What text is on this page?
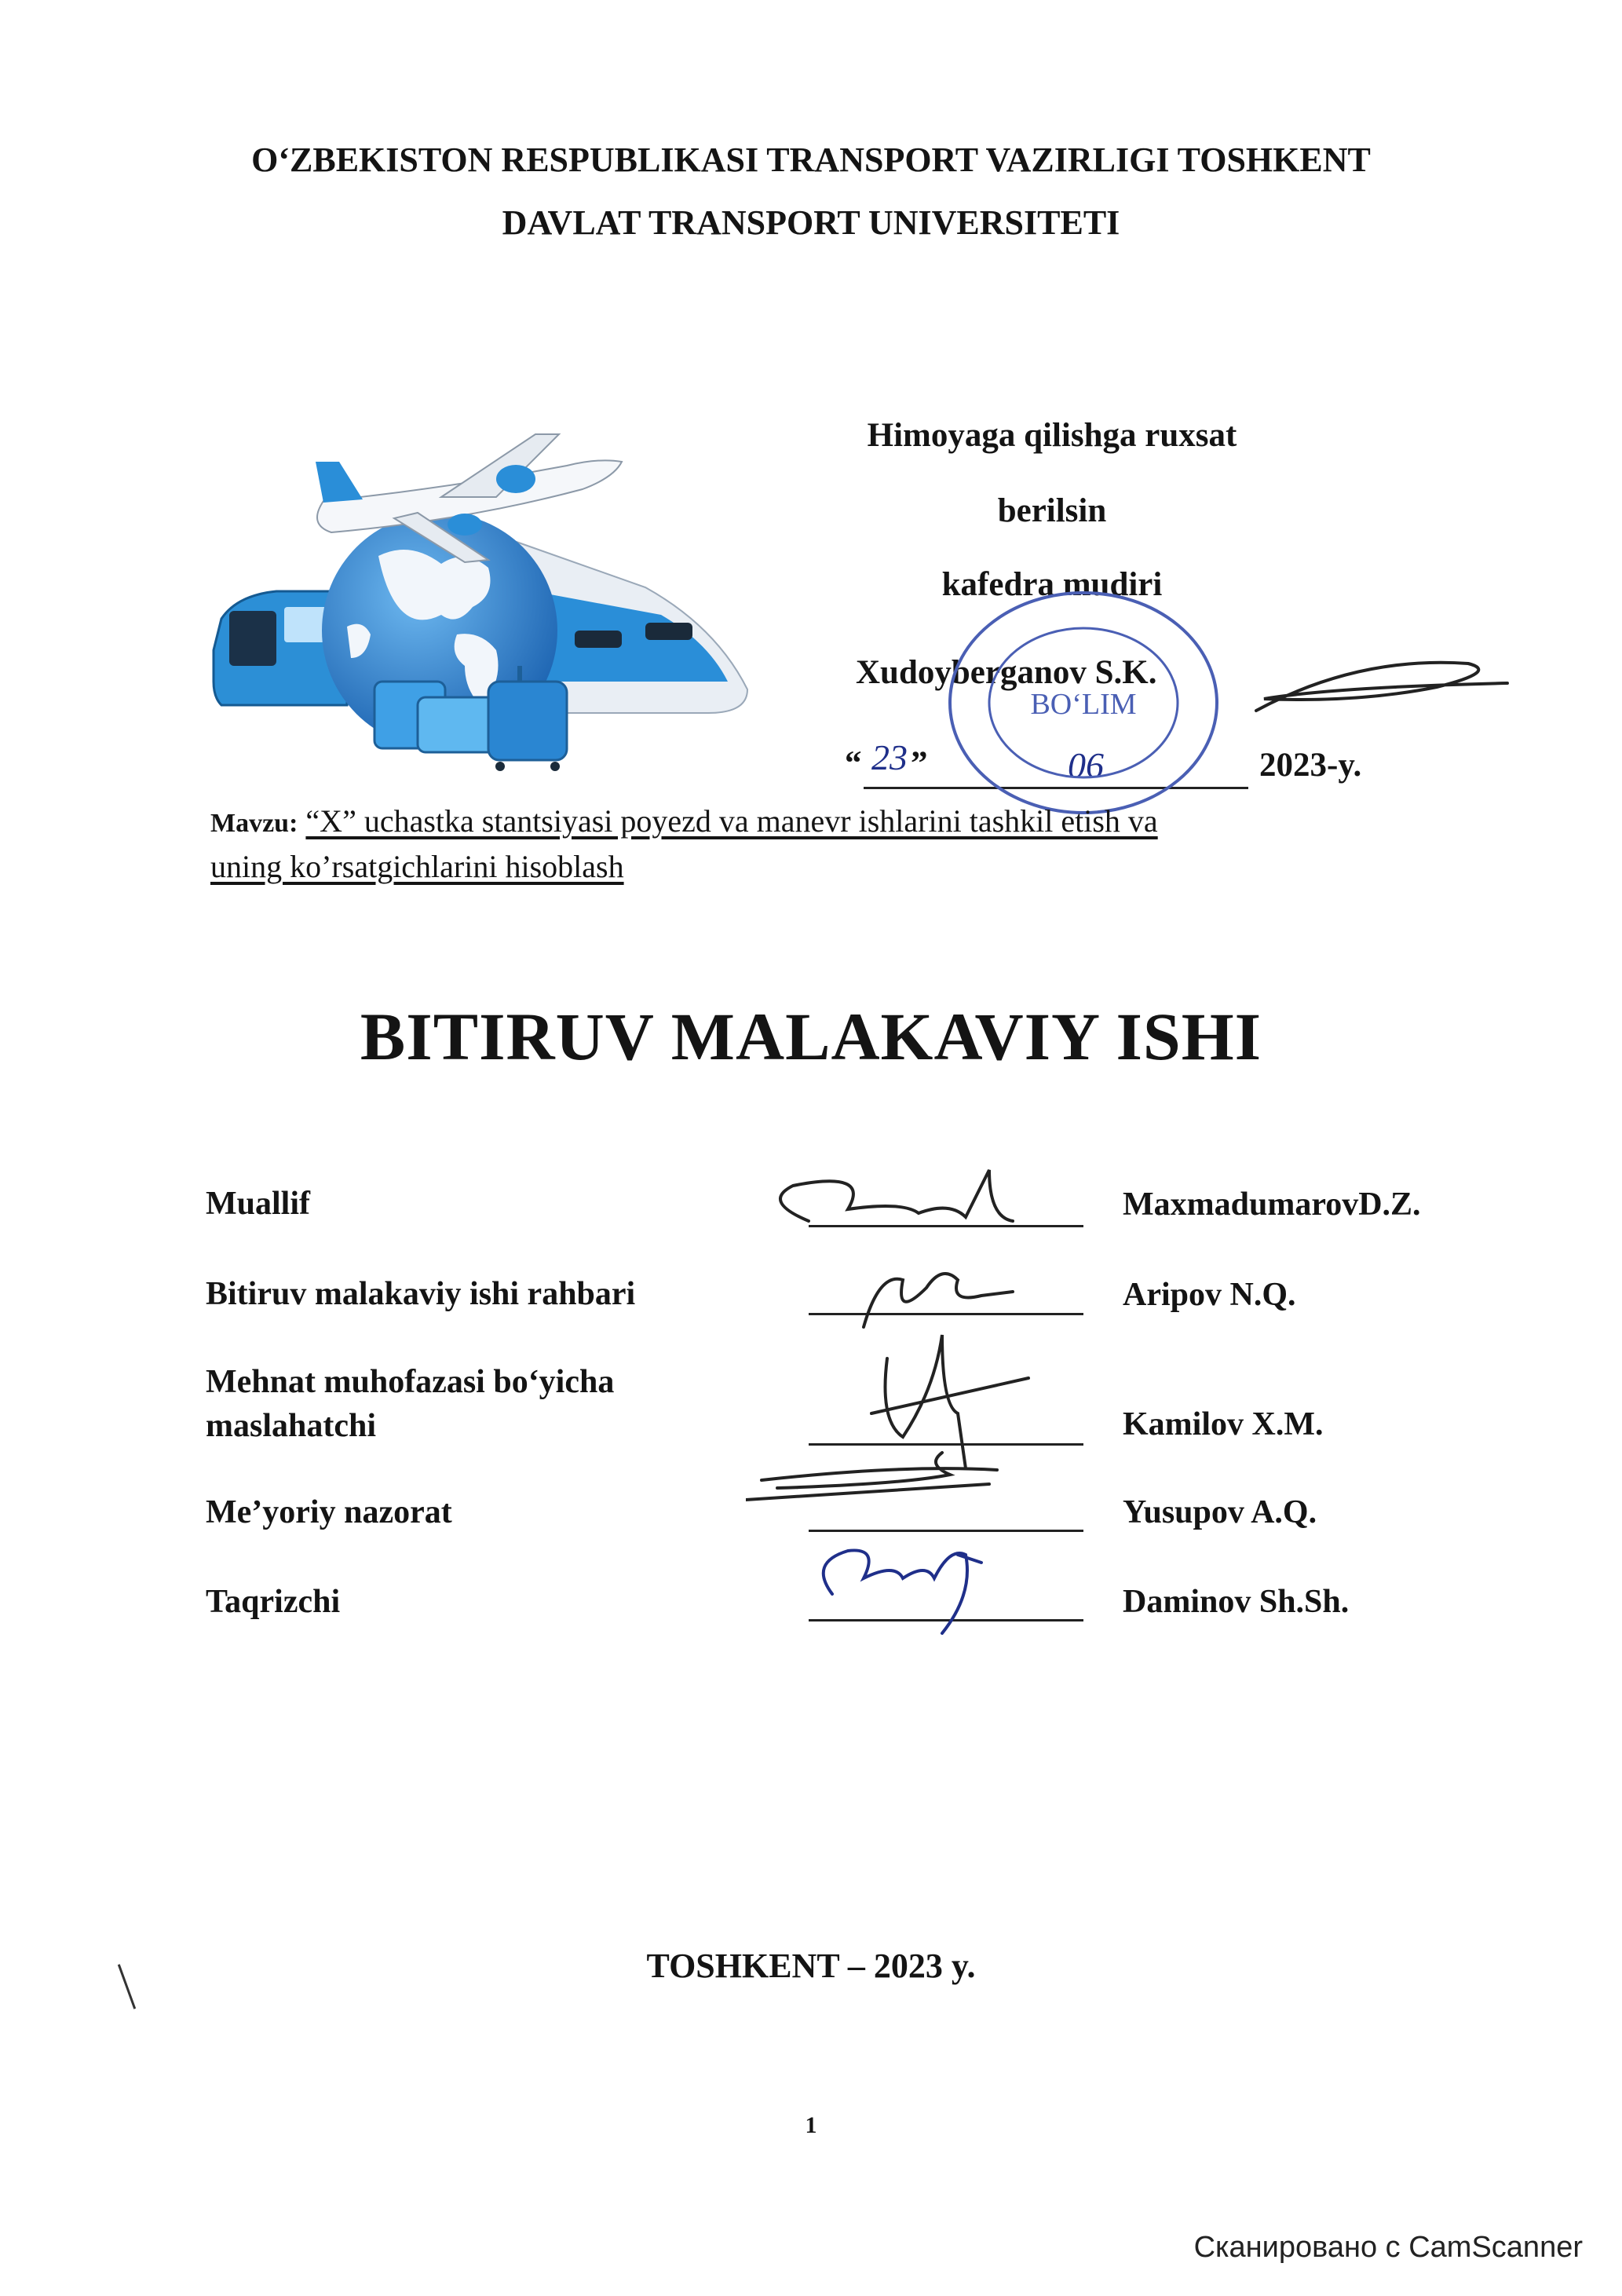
O‘ZBEKISTON RESPUBLIKASI TRANSPORT VAZIRLIGI TOSHKENT
DAVLAT TRANSPORT UNIVERSITETI
Himoyaga qilishga ruxsat
berilsin
kafedra mudiri
Xudoyberganov S.K.
“ 23 ”	06	2023-y.
BO‘LIM
Mavzu: “X” uchastka stantsiyasi poyezd va manevr ishlarini tashkil etish va
uning ko’rsatgichlarini hisoblash
BITIRUV MALAKAVIY ISHI
Muallif	MaxmadumarovD.Z.
Bitiruv malakaviy ishi rahbari	Aripov N.Q.
Mehnat muhofazasi bo‘yicha maslahatchi	Kamilov X.M.
Me’yoriy nazorat	Yusupov A.Q.
Taqrizchi	Daminov Sh.Sh.
TOSHKENT – 2023 y.
1
Сканировано с CamScanner
